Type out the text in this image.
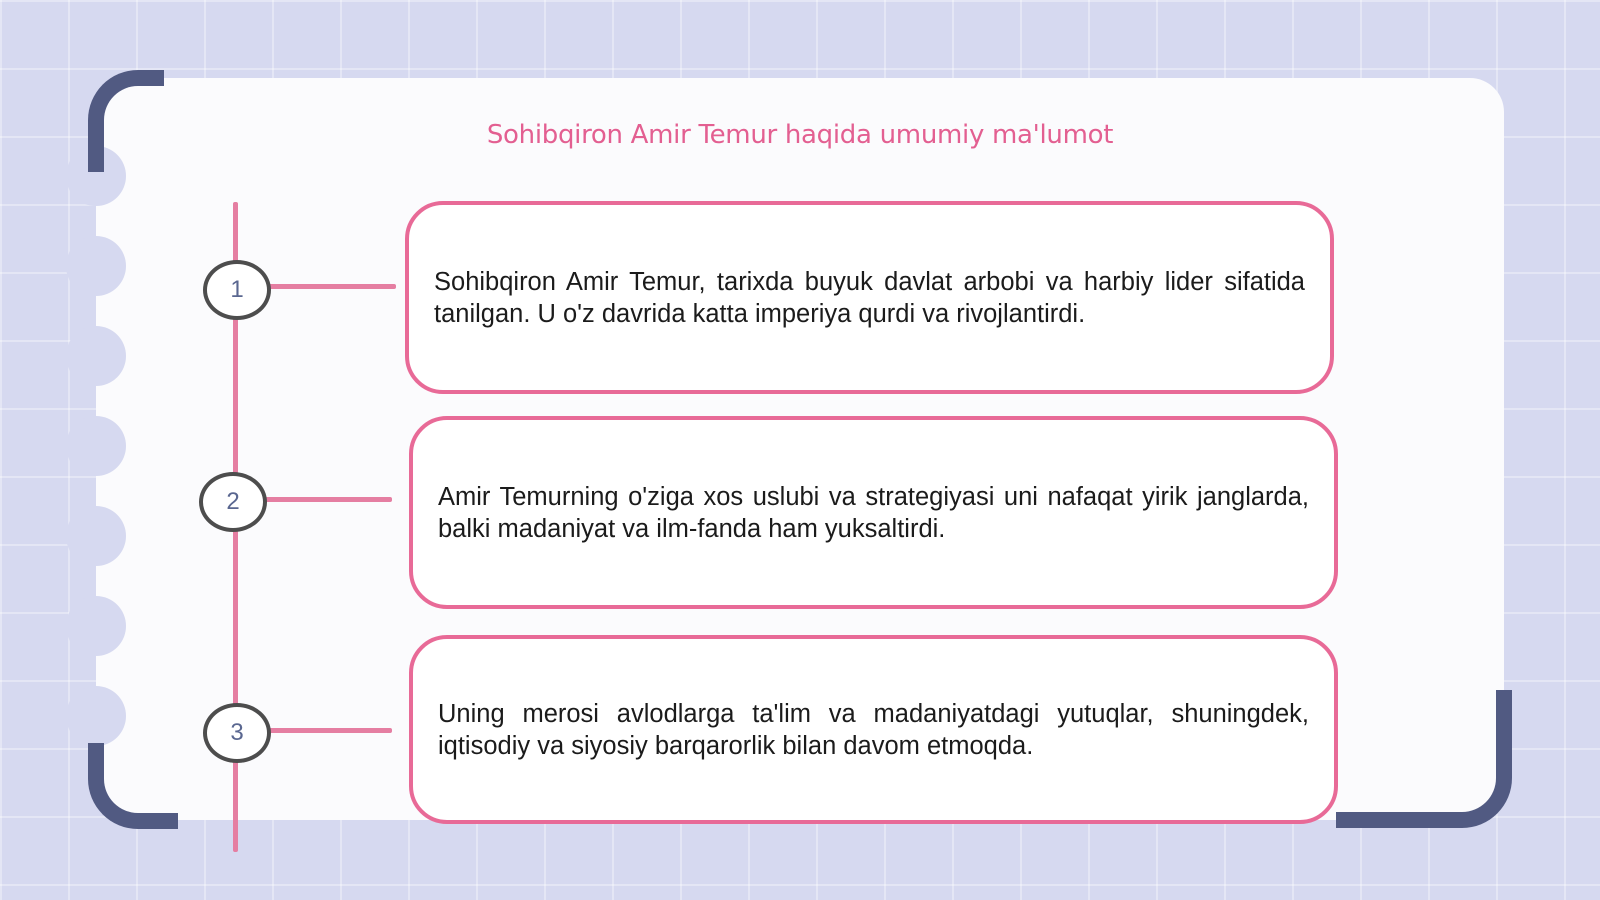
Sohibqiron Amir Temur haqida umumiy ma'lumot
1
2
3

Sohibqiron Amir Temur, tarixda buyuk davlat arbobi va harbiy lider sifatida tanilgan. U o'z davrida katta imperiya qurdi va rivojlantirdi.

Amir Temurning o'ziga xos uslubi va strategiyasi uni nafaqat yirik janglarda, balki madaniyat va ilm-fanda ham yuksaltirdi.

Uning merosi avlodlarga ta'lim va madaniyatdagi yutuqlar, shuningdek, iqtisodiy va siyosiy barqarorlik bilan davom etmoqda.
